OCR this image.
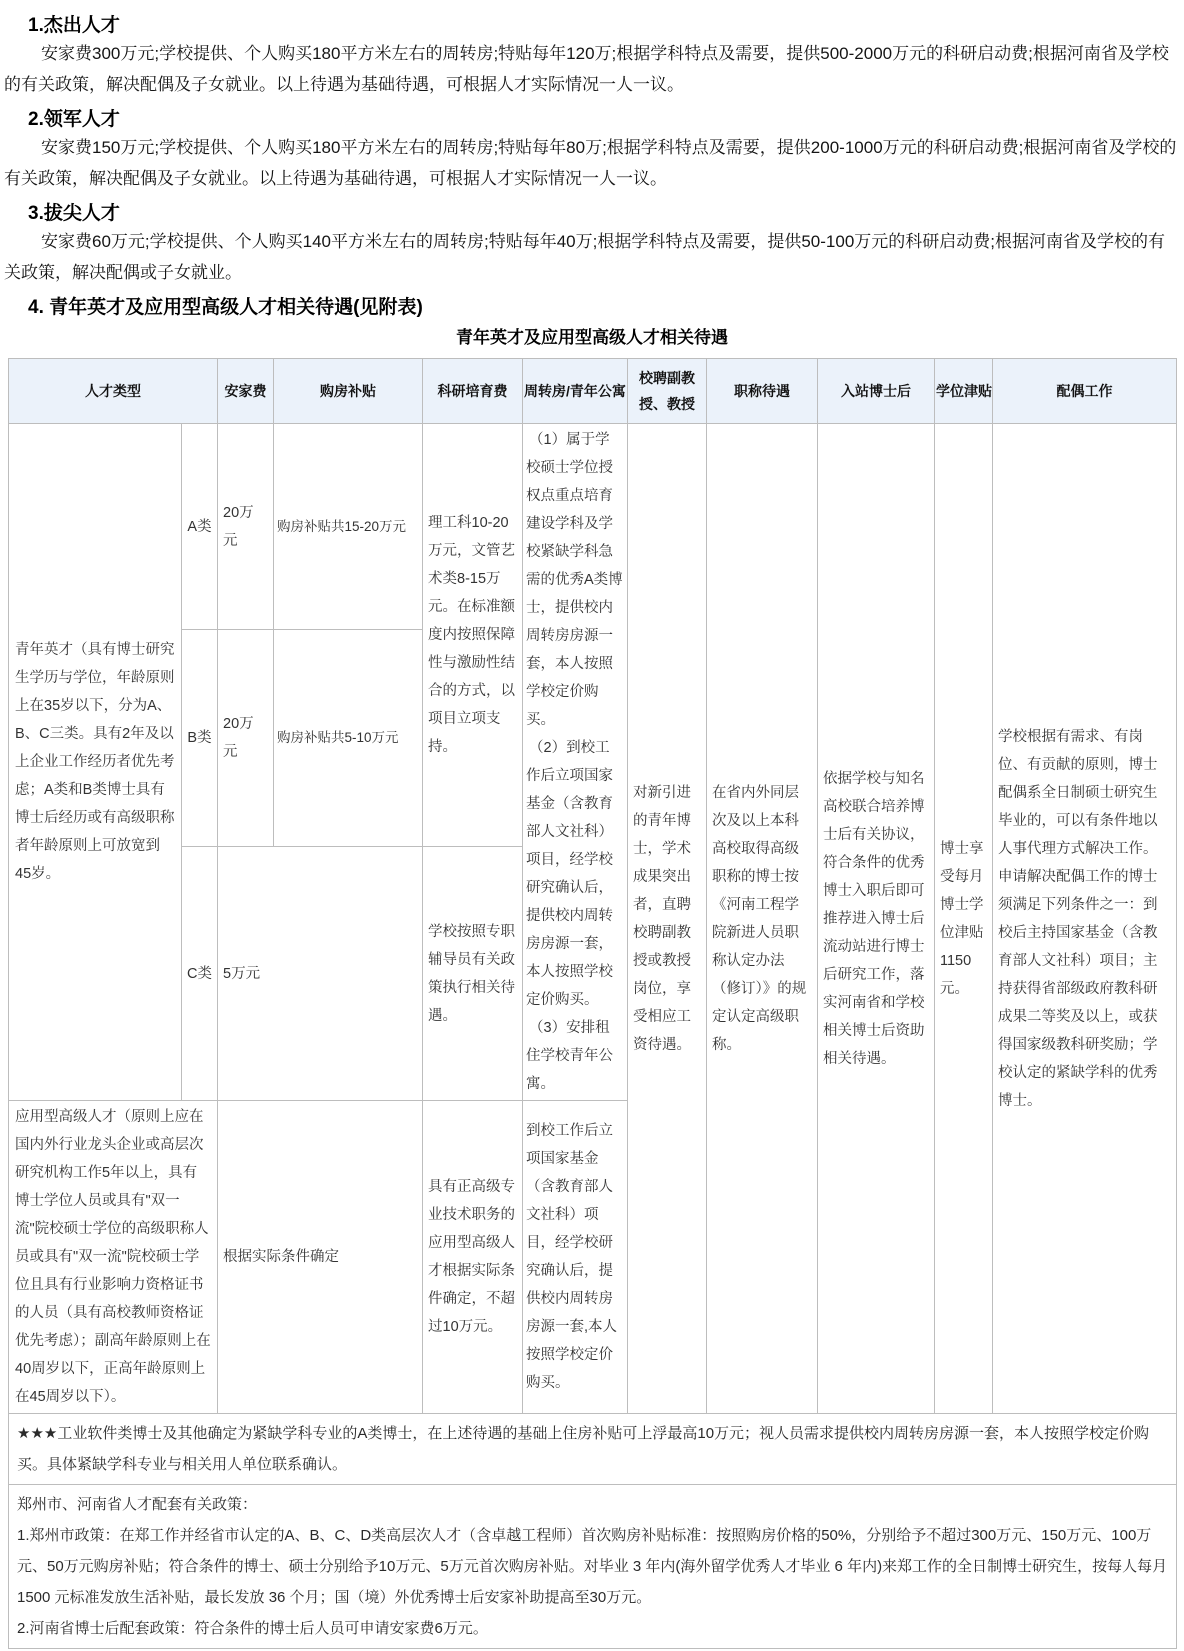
1.杰出人才

安家费300万元;学校提供、个人购买180平方米左右的周转房;特贴每年120万;根据学科特点及需要，提供500-2000万元的科研启动费;根据河南省及学校的有关政策，解决配偶及子女就业。以上待遇为基础待遇，可根据人才实际情况一人一议。

2.领军人才

安家费150万元;学校提供、个人购买180平方米左右的周转房;特贴每年80万;根据学科特点及需要，提供200-1000万元的科研启动费;根据河南省及学校的有关政策，解决配偶及子女就业。以上待遇为基础待遇，可根据人才实际情况一人一议。

3.拔尖人才

安家费60万元;学校提供、个人购买140平方米左右的周转房;特贴每年40万;根据学科特点及需要，提供50-100万元的科研启动费;根据河南省及学校的有关政策，解决配偶或子女就业。

4. 青年英才及应用型高级人才相关待遇(见附表)
青年英才及应用型高级人才相关待遇
人才类型		安家费	购房补贴	科研培育费	周转房/青年公寓	校聘副教授、教授	职称待遇	入站博士后	学位津贴	配偶工作
青年英才（具有博士研究生学历与学位，年龄原则上在35岁以下，分为A、B、C三类。具有2年及以上企业工作经历者优先考虑；A类和B类博士具有博士后经历或有高级职称者年龄原则上可放宽到45岁。	A类	20万元	购房补贴共15-20万元	理工科10-20万元，文管艺术类8-15万元。在标准额度内按照保障性与激励性结合的方式，以项目立项支持。	（1）属于学校硕士学位授权点重点培育建设学科及学校紧缺学科急需的优秀A类博士，提供校内周转房房源一套，本人按照学校定价购买。

（2）到校工作后立项国家基金（含教育部人文社科）项目，经学校研究确认后，提供校内周转房房源一套，本人按照学校定价购买。

（3）安排租住学校青年公寓。	对新引进的青年博士，学术成果突出者，直聘校聘副教授或教授岗位，享受相应工资待遇。	在省内外同层次及以上本科高校取得高级职称的博士按《河南工程学院新进人员职称认定办法（修订）》的规定认定高级职称。	依据学校与知名高校联合培养博士后有关协议，符合条件的优秀博士入职后即可推荐进入博士后流动站进行博士后研究工作，落实河南省和学校相关博士后资助相关待遇。	博士享受每月博士学位津贴1150元。	学校根据有需求、有岗位、有贡献的原则，博士配偶系全日制硕士研究生毕业的，可以有条件地以人事代理方式解决工作。申请解决配偶工作的博士须满足下列条件之一：到校后主持国家基金（含教育部人文社科）项目；主持获得省部级政府教科研成果二等奖及以上，或获得国家级教科研奖励；学校认定的紧缺学科的优秀博士。
	B类	20万元	购房补贴共5-10万元							
	C类	5万元		学校按照专职辅导员有关政策执行相关待遇。						
应用型高级人才（原则上应在国内外行业龙头企业或高层次研究机构工作5年以上，具有博士学位人员或具有"双一流"院校硕士学位的高级职称人员或具有"双一流"院校硕士学位且具有行业影响力资格证书的人员（具有高校教师资格证优先考虑）；副高年龄原则上在40周岁以下，正高年龄原则上在45周岁以下）。		根据实际条件确定		具有正高级专业技术职务的应用型高级人才根据实际条件确定，不超过10万元。	到校工作后立项国家基金（含教育部人文社科）项目，经学校研究确认后，提供校内周转房房源一套,本人按照学校定价购买。					
★★★工业软件类博士及其他确定为紧缺学科专业的A类博士，在上述待遇的基础上住房补贴可上浮最高10万元；视人员需求提供校内周转房房源一套，本人按照学校定价购买。具体紧缺学科专业与相关用人单位联系确认。										

郑州市、河南省人才配套有关政策：

1.郑州市政策：在郑工作并经省市认定的A、B、C、D类高层次人才（含卓越工程师）首次购房补贴标准：按照购房价格的50%，分别给予不超过300万元、150万元、100万元、50万元购房补贴；符合条件的博士、硕士分别给予10万元、5万元首次购房补贴。对毕业 3 年内(海外留学优秀人才毕业 6 年内)来郑工作的全日制博士研究生，按每人每月 1500 元标准发放生活补贴，最长发放 36 个月；国（境）外优秀博士后安家补助提高至30万元。

2.河南省博士后配套政策：符合条件的博士后人员可申请安家费6万元。										
